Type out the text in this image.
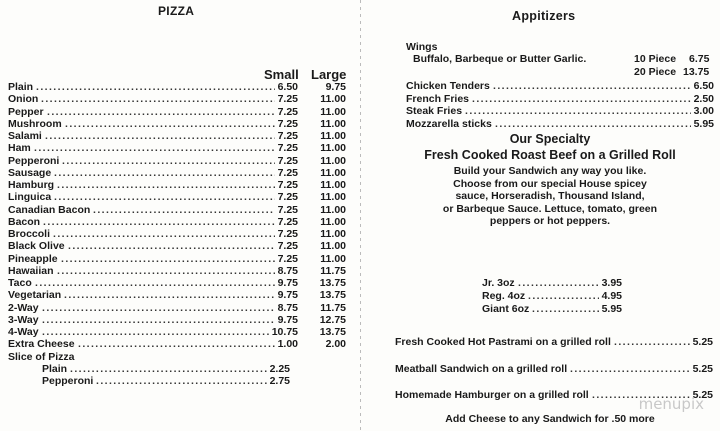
PIZZA
Small Large
Plain .....	6.50	9.75
Onion .....	7.25	11.00
Pepper .....	7.25	11.00
Mushroom .....	7.25	11.00
Salami .....	7.25	11.00
Ham .....	7.25	11.00
Pepperoni .....	7.25	11.00
Sausage .....	7.25	11.00
Hamburg .....	7.25	11.00
Linguica .....	7.25	11.00
Canadian Bacon .....	7.25	11.00
Bacon .....	7.25	11.00
Broccoli .....	7.25	11.00
Black Olive .....	7.25	11.00
Pineapple .....	7.25	11.00
Hawaiian .....	8.75	11.75
Taco .....	9.75	13.75
Vegetarian .....	9.75	13.75
2-Way .....	8.75	11.75
3-Way .....	9.75	12.75
4-Way .....	10.75	13.75
Extra Cheese .....	1.00	2.00
Slice of Pizza
Plain .....	2.25
Pepperoni .....	2.75
Appitizers
Wings
Buffalo, Barbeque or Butter Garlic.	10 Piece 6.75
20 Piece 13.75
Chicken Tenders .....	6.50
French Fries .....	2.50
Steak Fries .....	3.00
Mozzarella sticks .....	5.95
Our Specialty
Fresh Cooked Roast Beef on a Grilled Roll
Build your Sandwich any way you like.
Choose from our special House spicey
sauce, Horseradish, Thousand Island,
or Barbeque Sauce. Lettuce, tomato, green
peppers or hot peppers.
Jr. 3oz .....	3.95
Reg. 4oz .....	4.95
Giant 6oz .....	5.95
Fresh Cooked Hot Pastrami on a grilled roll .....	5.25
Meatball Sandwich on a grilled roll .....	5.25
Homemade Hamburger on a grilled roll .....	5.25
Add Cheese to any Sandwich for .50 more
menupix
